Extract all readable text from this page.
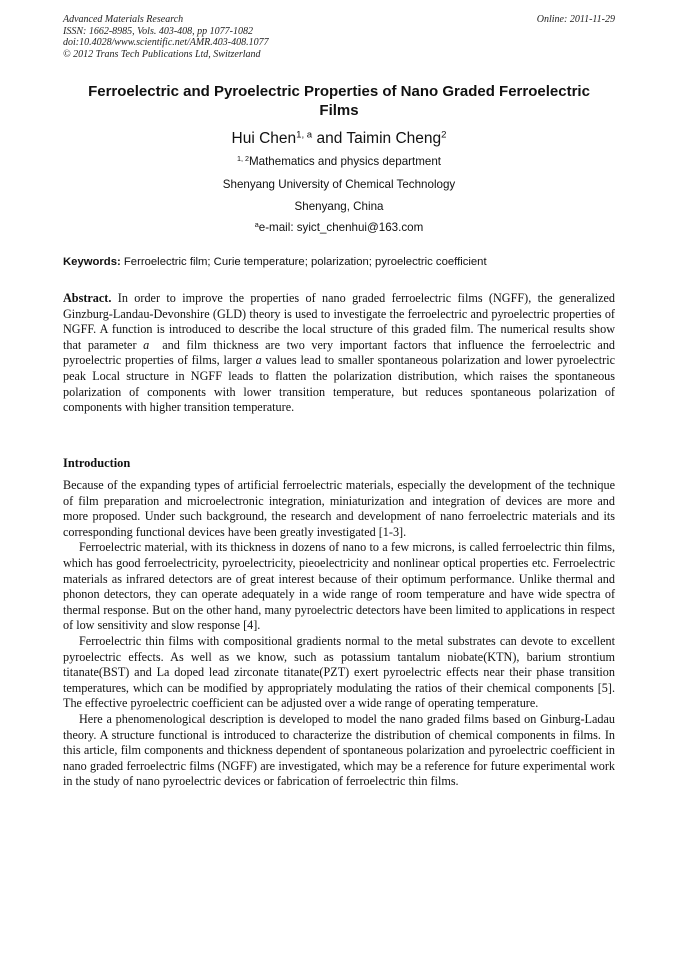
Advanced Materials Research
ISSN: 1662-8985, Vols. 403-408, pp 1077-1082
doi:10.4028/www.scientific.net/AMR.403-408.1077
© 2012 Trans Tech Publications Ltd, Switzerland
Online: 2011-11-29
Ferroelectric and Pyroelectric Properties of Nano Graded Ferroelectric
Films
Hui Chen$^{1, a}$ and Taimin Cheng$^2$
$^{1, 2}$Mathematics and physics department
Shenyang University of Chemical Technology
Shenyang, China
$^a$e-mail: syict_chenhui@163.com
Keywords: Ferroelectric film; Curie temperature; polarization; pyroelectric coefficient
Abstract. In order to improve the properties of nano graded ferroelectric films (NGFF), the generalized Ginzburg-Landau-Devonshire (GLD) theory is used to investigate the ferroelectric and pyroelectric properties of NGFF. A function is introduced to describe the local structure of this graded film. The numerical results show that parameter a and film thickness are two very important factors that influence the ferroelectric and pyroelectric properties of films, larger a values lead to smaller spontaneous polarization and lower pyroelectric peak Local structure in NGFF leads to flatten the polarization distribution, which raises the spontaneous polarization of components with lower transition temperature, but reduces spontaneous polarization of components with higher transition temperature.
Introduction
Because of the expanding types of artificial ferroelectric materials, especially the development of the technique of film preparation and microelectronic integration, miniaturization and integration of devices are more and more proposed. Under such background, the research and development of nano ferroelectric materials and its corresponding functional devices have been greatly investigated [1-3].
Ferroelectric material, with its thickness in dozens of nano to a few microns, is called ferroelectric thin films, which has good ferroelectricity, pyroelectricity, pieoelectricity and nonlinear optical properties etc. Ferroelectric materials as infrared detectors are of great interest because of their optimum performance. Unlike thermal and phonon detectors, they can operate adequately in a wide range of room temperature and have wide spectra of thermal response. But on the other hand, many pyroelectric detectors have been limited to applications in respect of low sensitivity and slow response [4].
Ferroelectric thin films with compositional gradients normal to the metal substrates can devote to excellent pyroelectric effects. As well as we know, such as potassium tantalum niobate(KTN), barium strontium titanate(BST) and La doped lead zirconate titanate(PZT) exert pyroelectric effects near their phase transition temperatures, which can be modified by appropriately modulating the ratios of their chemical components [5]. The effective pyroelectric coefficient can be adjusted over a wide range of operating temperature.
Here a phenomenological description is developed to model the nano graded films based on Ginburg-Ladau theory. A structure functional is introduced to characterize the distribution of chemical components in films. In this article, film components and thickness dependent of spontaneous polarization and pyroelectric coefficient in nano graded ferroelectric films (NGFF) are investigated, which may be a reference for future experimental work in the study of nano pyroelectric devices or fabrication of ferroelectric thin films.
